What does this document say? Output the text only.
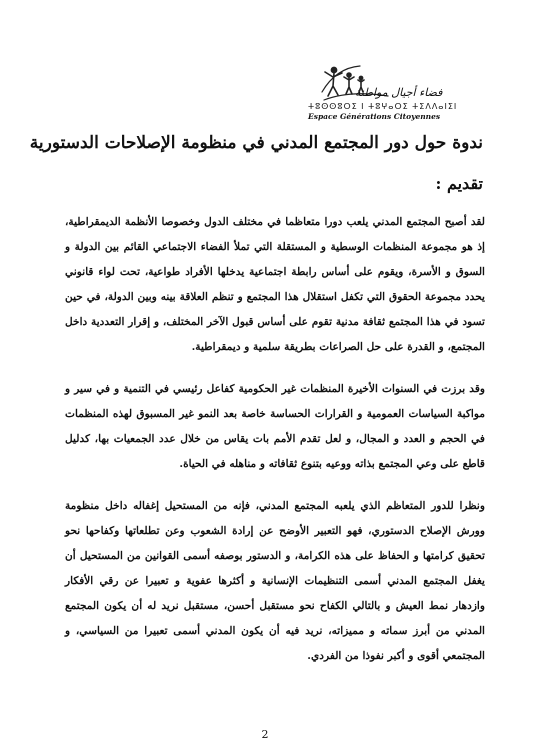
فضاء أجيال مواطنة
ⵜⵓⵙⵙⵓⵔⵉ ⵏ ⵜⵓⵖⴰⵔⵉ ⵜⵉⴷⴷⴰⵏⵉⵏ
Espace Générations Citoyennes
ندوة حول دور المجتمع المدني في منظومة الإصلاحات الدستورية
تقديم :

لقد أصبح المجتمع المدني يلعب دورا متعاظما في مختلف الدول وخصوصا الأنظمة الديمقراطية، إذ هو مجموعة المنظمات الوسطية و المستقلة التي تملأ الفضاء الاجتماعي القائم بين الدولة و السوق و الأسرة، ويقوم على أساس رابطة اجتماعية يدخلها الأفراد طواعية، تحت لواء قانوني يحدد مجموعة الحقوق التي تكفل استقلال هذا المجتمع و تنظم العلاقة بينه وبين الدولة، في حين تسود في هذا المجتمع ثقافة مدنية تقوم على أساس قبول الآخر المختلف، و إقرار التعددية داخل المجتمع، و القدرة على حل الصراعات بطريقة سلمية و ديمقراطية.

وقد برزت في السنوات الأخيرة المنظمات غير الحكومية كفاعل رئيسي في التنمية و في سير و مواكبة السياسات العمومية و القرارات الحساسة خاصة بعد النمو غير المسبوق لهذه المنظمات في الحجم و العدد و المجال، و لعل تقدم الأمم بات يقاس من خلال عدد الجمعيات بها، كدليل قاطع على وعي المجتمع بذاته ووعيه بتنوع ثقافاته و مناهله في الحياة.

ونظرا للدور المتعاظم الذي يلعبه المجتمع المدني، فإنه من المستحيل إغفاله داخل منظومة وورش الإصلاح الدستوري، فهو التعبير الأوضح عن إرادة الشعوب وعن تطلعاتها وكفاحها نحو تحقيق كرامتها و الحفاظ على هذه الكرامة، و الدستور بوصفه أسمى القوانين من المستحيل أن يغفل المجتمع المدني أسمى التنظيمات الإنسانية و أكثرها عفوية و تعبيرا عن رقي الأفكار وازدهار نمط العيش و بالتالي الكفاح نحو مستقبل أحسن، مستقبل نريد له أن يكون المجتمع المدني من أبرز سماته و مميزاته، نريد فيه أن يكون المدني أسمى تعبيرا من السياسي، و المجتمعي أقوى و أكبر نفوذا من الفردي.

2
